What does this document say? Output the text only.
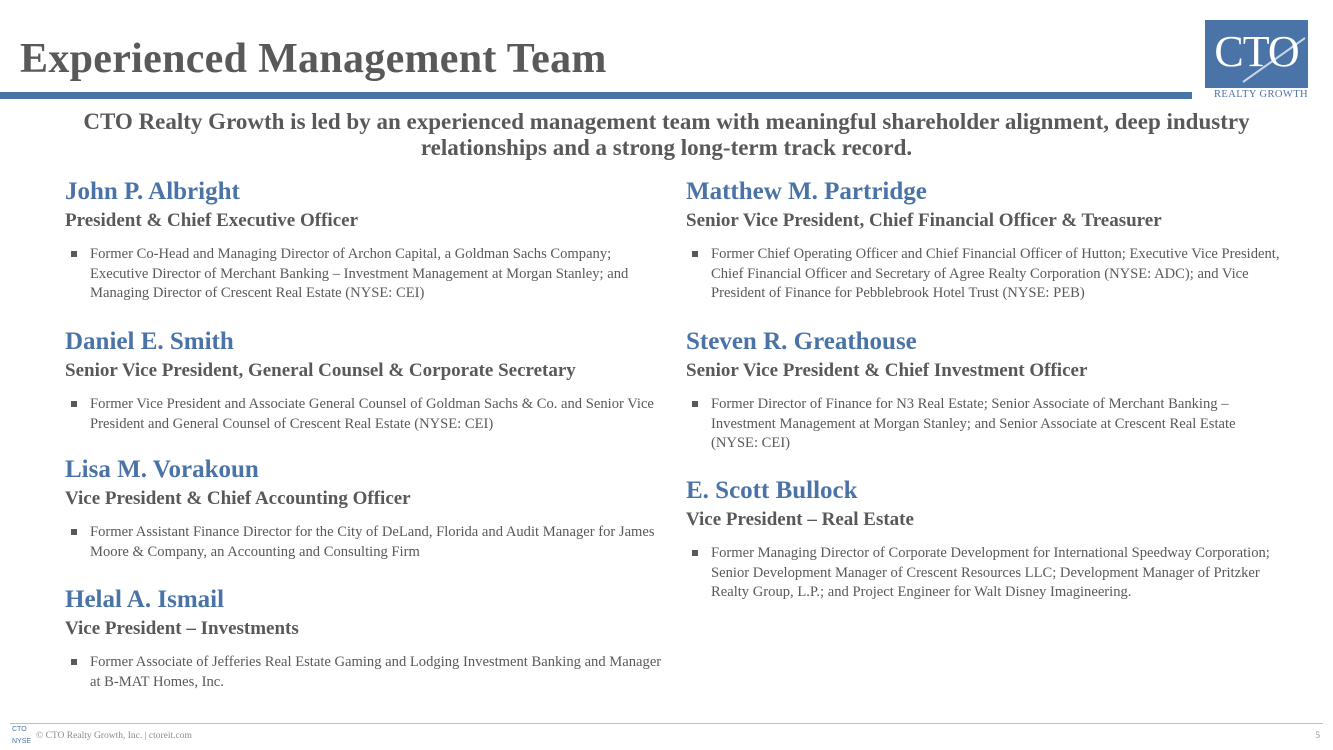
Experienced Management Team	CTO
REALTY GROWTH
CTO Realty Growth is led by an experienced management team with meaningful shareholder alignment, deep industry relationships and a strong long-term track record.
John P. Albright
President & Chief Executive Officer
Former Co-Head and Managing Director of Archon Capital, a Goldman Sachs Company; Executive Director of Merchant Banking – Investment Management at Morgan Stanley; and Managing Director of Crescent Real Estate (NYSE: CEI)
Daniel E. Smith
Senior Vice President, General Counsel & Corporate Secretary
Former Vice President and Associate General Counsel of Goldman Sachs & Co. and Senior Vice President and General Counsel of Crescent Real Estate (NYSE: CEI)
Lisa M. Vorakoun
Vice President & Chief Accounting Officer
Former Assistant Finance Director for the City of DeLand, Florida and Audit Manager for James Moore & Company, an Accounting and Consulting Firm
Helal A. Ismail
Vice President – Investments
Former Associate of Jefferies Real Estate Gaming and Lodging Investment Banking and Manager at B-MAT Homes, Inc.
Matthew M. Partridge
Senior Vice President, Chief Financial Officer & Treasurer
Former Chief Operating Officer and Chief Financial Officer of Hutton; Executive Vice President, Chief Financial Officer and Secretary of Agree Realty Corporation (NYSE: ADC); and Vice President of Finance for Pebblebrook Hotel Trust (NYSE: PEB)
Steven R. Greathouse
Senior Vice President & Chief Investment Officer
Former Director of Finance for N3 Real Estate; Senior Associate of Merchant Banking – Investment Management at Morgan Stanley; and Senior Associate at Crescent Real Estate (NYSE: CEI)
E. Scott Bullock
Vice President – Real Estate
Former Managing Director of Corporate Development for International Speedway Corporation; Senior Development Manager of Crescent Resources LLC; Development Manager of Pritzker Realty Group, L.P.; and Project Engineer for Walt Disney Imagineering.
CTO
NYSE
© CTO Realty Growth, Inc. | ctoreit.com	5
